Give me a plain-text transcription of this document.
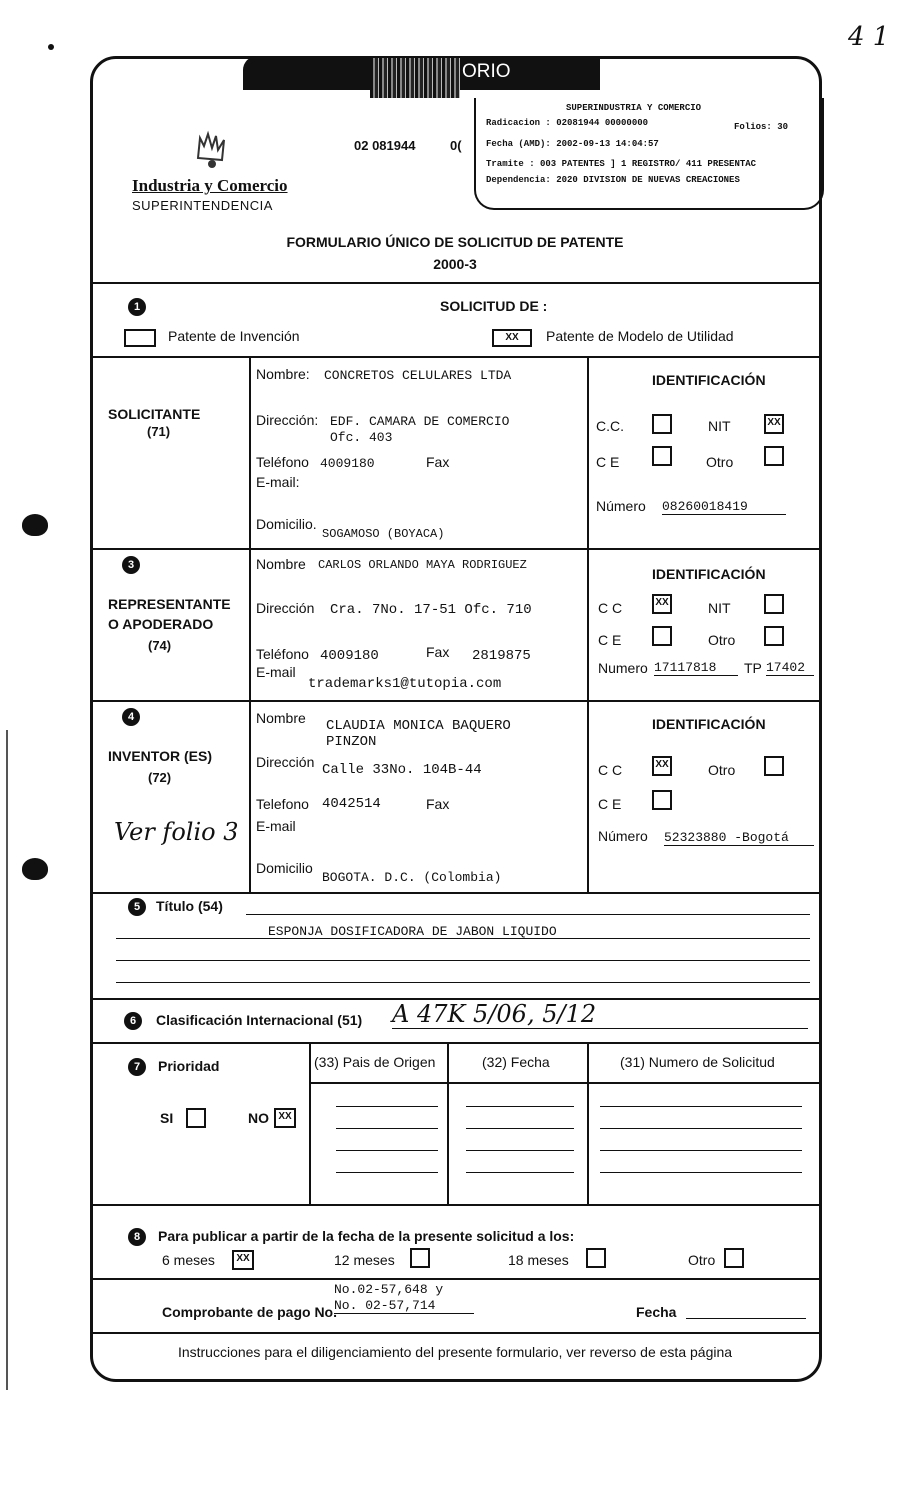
4 1
ORIO
Industria y Comercio
SUPERINTENDENCIA
02 081944	0(
SUPERINDUSTRIA Y COMERCIO
Radicacion : 02081944 00000000	Folios: 30
Fecha (AMD): 2002-09-13 14:04:57
Tramite : 003 PATENTES ] 1 REGISTRO/ 411 PRESENTAC
Dependencia: 2020 DIVISION DE NUEVAS CREACIONES
FORMULARIO ÚNICO DE SOLICITUD DE PATENTE
2000-3
1	SOLICITUD DE :
Patente de Invención	XX	Patente de Modelo de Utilidad
SOLICITANTE
(71)
Nombre: CONCRETOS CELULARES LTDA
Dirección: EDF. CAMARA DE COMERCIO
Ofc. 403
Teléfono 4009180	Fax
E-mail:
Domicilio.
SOGAMOSO (BOYACA)
IDENTIFICACIÓN
C.C.	NIT	XX
C E	Otro
Número 08260018419
3
REPRESENTANTE
O APODERADO
(74)
Nombre CARLOS ORLANDO MAYA RODRIGUEZ
Dirección Cra. 7No. 17-51 Ofc. 710
Teléfono 4009180	Fax 2819875
E-mail
trademarks1@tutopia.com
IDENTIFICACIÓN
C C	XX	NIT
C E	Otro
Numero 17117818	TP 17402
4
INVENTOR (ES)
(72)
Ver folio 3
Nombre CLAUDIA MONICA BAQUERO
PINZON
Dirección Calle 33No. 104B-44
Telefono 4042514	Fax
E-mail
Domicilio
BOGOTA. D.C. (Colombia)
IDENTIFICACIÓN
C C	XX	Otro
C E
Número 52323880 -Bogotá
5	Título (54)
ESPONJA DOSIFICADORA DE JABON LIQUIDO
6	Clasificación Internacional (51) A 47K 5/06, 5/12
7	Prioridad
SI	NO XX
(33) Pais de Origen	(32) Fecha	(31) Numero de Solicitud
8	Para publicar a partir de la fecha de la presente solicitud a los:
6 meses	XX	12 meses	18 meses	Otro
Comprobante de pago No.
No.02-57,648 y
No. 02-57,714	Fecha
Instrucciones para el diligenciamiento del presente formulario, ver reverso de esta página
